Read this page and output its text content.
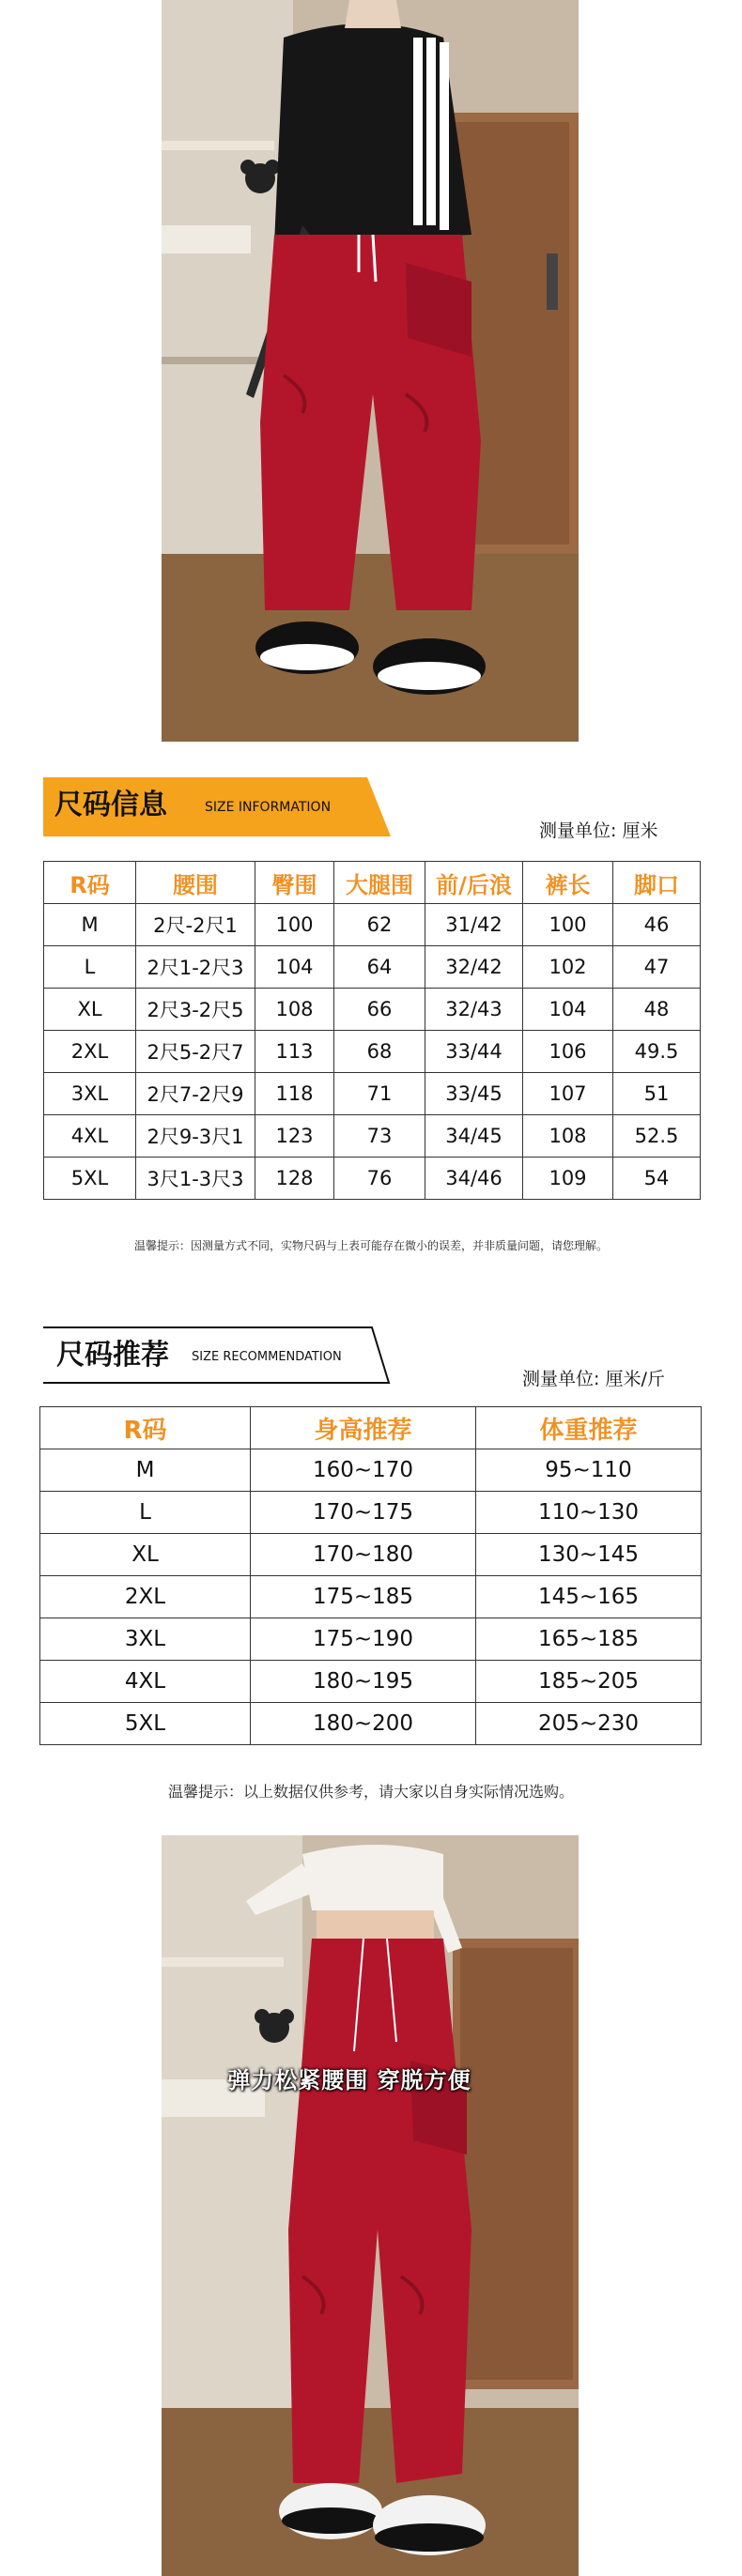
尺码信息	SIZE INFORMATION
测量单位: 厘米
R码	腰围	臀围	大腿围	前/后浪	裤长	脚口
M	2尺-2尺1	100	62	31/42	100	46
L	2尺1-2尺3	104	64	32/42	102	47
XL	2尺3-2尺5	108	66	32/43	104	48
2XL	2尺5-2尺7	113	68	33/44	106	49.5
3XL	2尺7-2尺9	118	71	33/45	107	51
4XL	2尺9-3尺1	123	73	34/45	108	52.5
5XL	3尺1-3尺3	128	76	34/46	109	54
温馨提示：因测量方式不同，实物尺码与上表可能存在微小的误差，并非质量问题，请您理解。
尺码推荐 SIZE RECOMMENDATION
测量单位: 厘米/斤
R码	身高推荐	体重推荐
M	160~170	95~110
L	170~175	110~130
XL	170~180	130~145
2XL	175~185	145~165
3XL	175~190	165~185
4XL	180~195	185~205
5XL	180~200	205~230
温馨提示：以上数据仅供参考，请大家以自身实际情况选购。
弹力松紧腰围 穿脱方便
